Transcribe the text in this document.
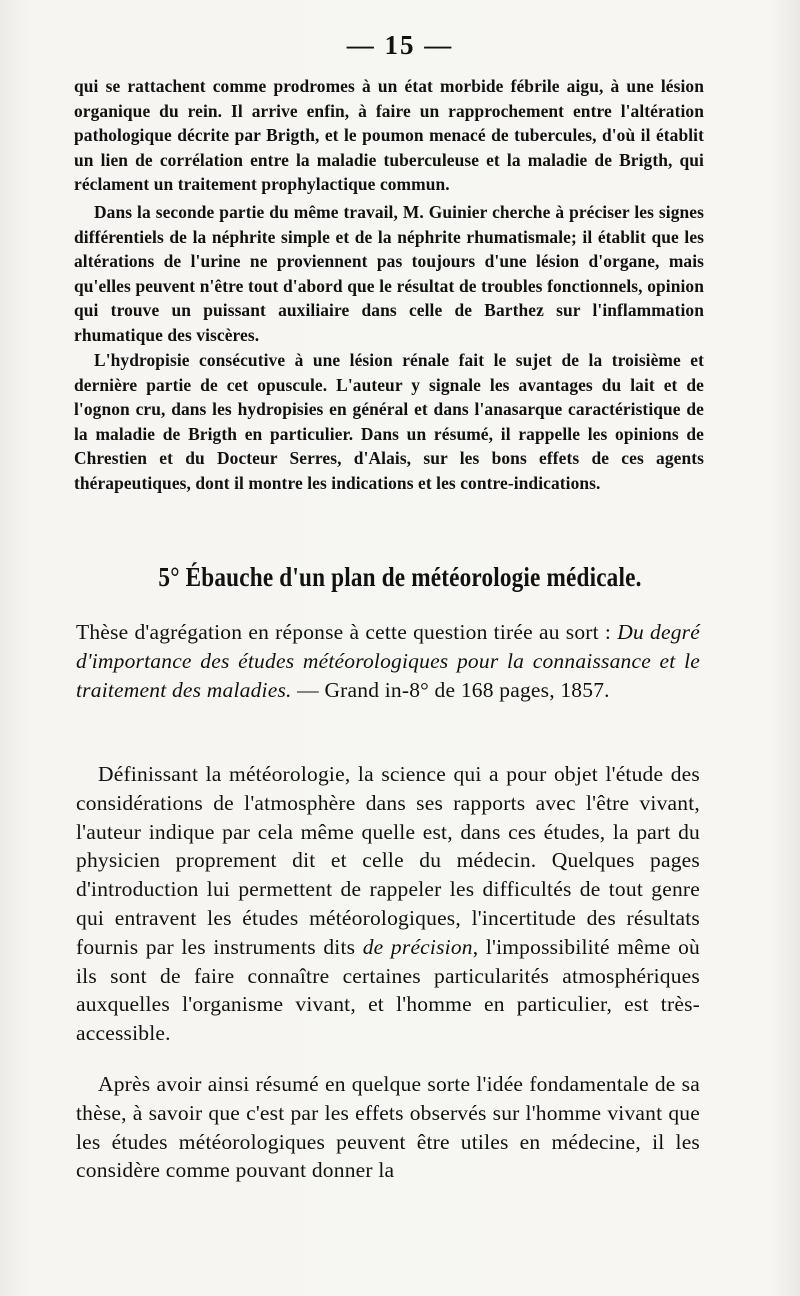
— 15 —

qui se rattachent comme prodromes à un état morbide fébrile aigu, à une lésion organique du rein. Il arrive enfin, à faire un rapprochement entre l'altération pathologique décrite par Brigth, et le poumon menacé de tubercules, d'où il établit un lien de corrélation entre la maladie tuberculeuse et la maladie de Brigth, qui réclament un traitement prophylactique commun.

Dans la seconde partie du même travail, M. Guinier cherche à préciser les signes différentiels de la néphrite simple et de la néphrite rhumatismale; il établit que les altérations de l'urine ne proviennent pas toujours d'une lésion d'organe, mais qu'elles peuvent n'être tout d'abord que le résultat de troubles fonctionnels, opinion qui trouve un puissant auxiliaire dans celle de Barthez sur l'inflammation rhumatique des viscères.

L'hydropisie consécutive à une lésion rénale fait le sujet de la troisième et dernière partie de cet opuscule. L'auteur y signale les avantages du lait et de l'ognon cru, dans les hydropisies en général et dans l'anasarque caractéristique de la maladie de Brigth en particulier. Dans un résumé, il rappelle les opinions de Chrestien et du Docteur Serres, d'Alais, sur les bons effets de ces agents thérapeutiques, dont il montre les indications et les contre-indications.

5° Ébauche d'un plan de météorologie médicale.

Thèse d'agrégation en réponse à cette question tirée au sort : Du degré d'importance des études météorologiques pour la connaissance et le traitement des maladies. — Grand in-8° de 168 pages, 1857.

Définissant la météorologie, la science qui a pour objet l'étude des considérations de l'atmosphère dans ses rapports avec l'être vivant, l'auteur indique par cela même quelle est, dans ces études, la part du physicien proprement dit et celle du médecin. Quelques pages d'introduction lui permettent de rappeler les difficultés de tout genre qui entravent les études météorologiques, l'incertitude des résultats fournis par les instruments dits de précision, l'impossibilité même où ils sont de faire connaître certaines particularités atmosphériques auxquelles l'organisme vivant, et l'homme en particulier, est très-accessible.

Après avoir ainsi résumé en quelque sorte l'idée fondamentale de sa thèse, à savoir que c'est par les effets observés sur l'homme vivant que les études météorologiques peuvent être utiles en médecine, il les considère comme pouvant donner la
